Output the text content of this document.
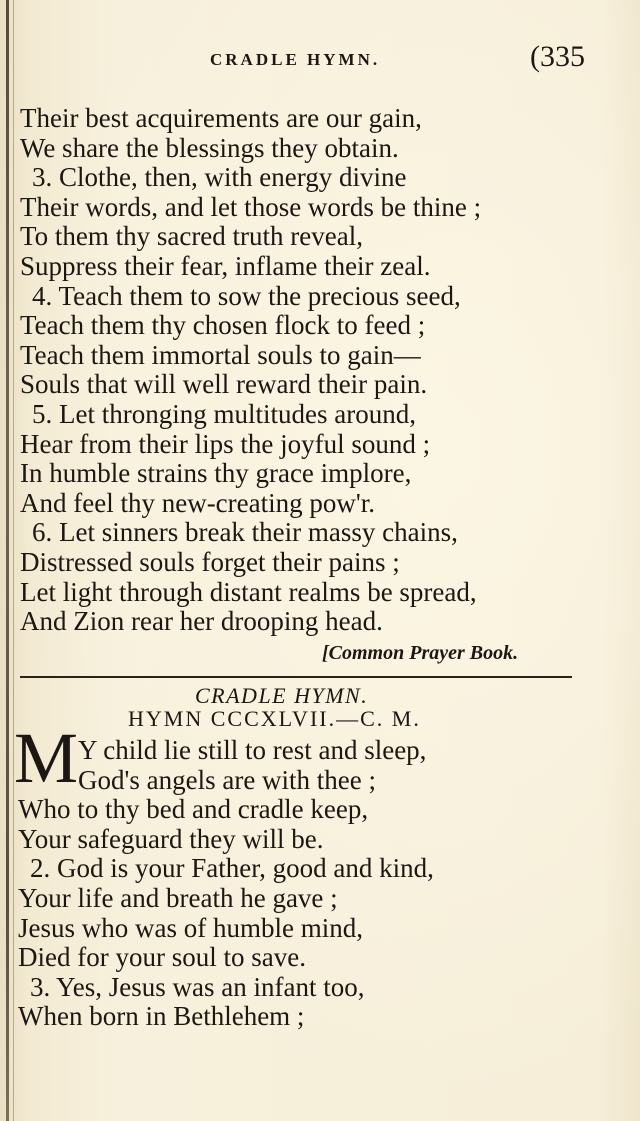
CRADLE HYMN.	(335
Their best acquirements are our gain,
We share the blessings they obtain.
3. Clothe, then, with energy divine
Their words, and let those words be thine ;
To them thy sacred truth reveal,
Suppress their fear, inflame their zeal.
4. Teach them to sow the precious seed,
Teach them thy chosen flock to feed ;
Teach them immortal souls to gain—
Souls that will well reward their pain.
5. Let thronging multitudes around,
Hear from their lips the joyful sound ;
In humble strains thy grace implore,
And feel thy new-creating pow'r.
6. Let sinners break their massy chains,
Distressed souls forget their pains ;
Let light through distant realms be spread,
And Zion rear her drooping head.
[Common Prayer Book.
CRADLE HYMN.
HYMN CCCXLVII.—C. M.
M Y child lie still to rest and sleep,
God's angels are with thee ;
Who to thy bed and cradle keep,
Your safeguard they will be.
2. God is your Father, good and kind,
Your life and breath he gave ;
Jesus who was of humble mind,
Died for your soul to save.
3. Yes, Jesus was an infant too,
When born in Bethlehem ;
